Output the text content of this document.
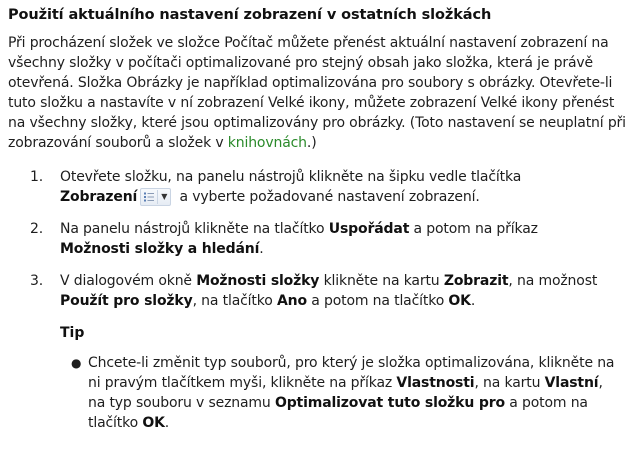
Použití aktuálního nastavení zobrazení v ostatních složkách

Při procházení složek ve složce Počítač můžete přenést aktuální nastavení zobrazení na všechny složky v počítači optimalizované pro stejný obsah jako složka, která je právě otevřená. Složka Obrázky je například optimalizována pro soubory s obrázky. Otevřete-li tuto složku a nastavíte v ní zobrazení Velké ikony, můžete zobrazení Velké ikony přenést na všechny složky, které jsou optimalizovány pro obrázky. (Toto nastavení se neuplatní při zobrazování souborů a složek v knihovnách.)

1. Otevřete složku, na panelu nástrojů klikněte na šipku vedle tlačítka
Zobrazení	▼ a vyberte požadované nastavení zobrazení.
2. Na panelu nástrojů klikněte na tlačítko Uspořádat a potom na příkaz
Možnosti složky a hledání.
3. V dialogovém okně Možnosti složky klikněte na kartu Zobrazit, na možnost
Použít pro složky, na tlačítko Ano a potom na tlačítko OK.
Tip
● Chcete-li změnit typ souborů, pro který je složka optimalizována, klikněte na ni pravým tlačítkem myši, klikněte na příkaz Vlastnosti, na kartu Vlastní, na typ souboru v seznamu Optimalizovat tuto složku pro a potom na tlačítko OK.
